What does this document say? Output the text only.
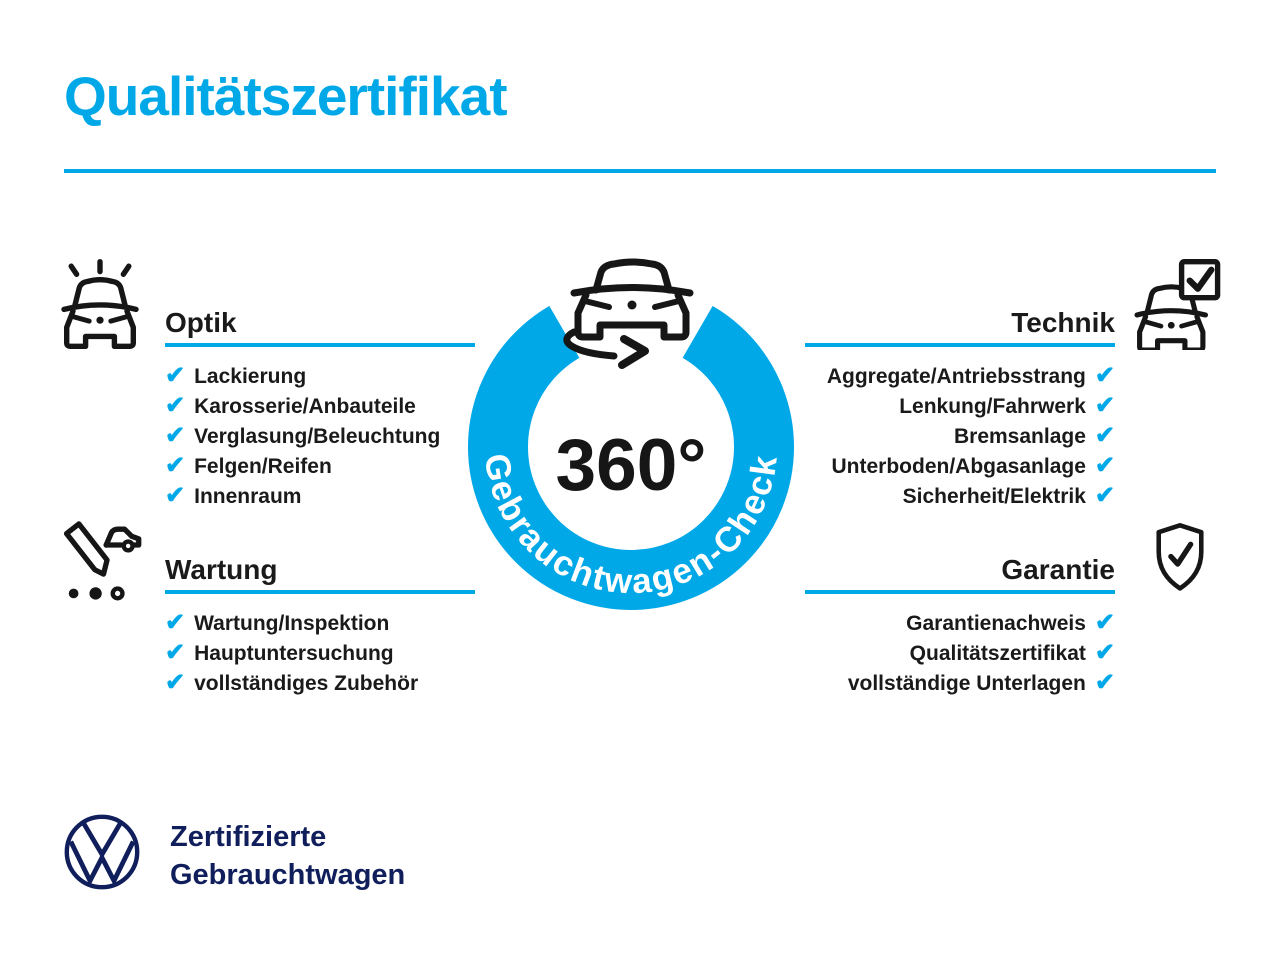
Qualitätszertifikat
Optik
✔ Lackierung
✔ Karosserie/Anbauteile
✔ Verglasung/Beleuchtung
✔ Felgen/Reifen
✔ Innenraum
Wartung
✔ Wartung/Inspektion
✔ Hauptuntersuchung
✔ vollständiges Zubehör
Technik
Aggregate/Antriebsstrang ✔
Lenkung/Fahrwerk ✔
Bremsanlage ✔
Unterboden/Abgasanlage ✔
Sicherheit/Elektrik ✔
Garantie
Garantienachweis ✔
Qualitätszertifikat ✔
vollständige Unterlagen ✔
360°
Gebrauchtwagen-Check
Zertifizierte
Gebrauchtwagen
